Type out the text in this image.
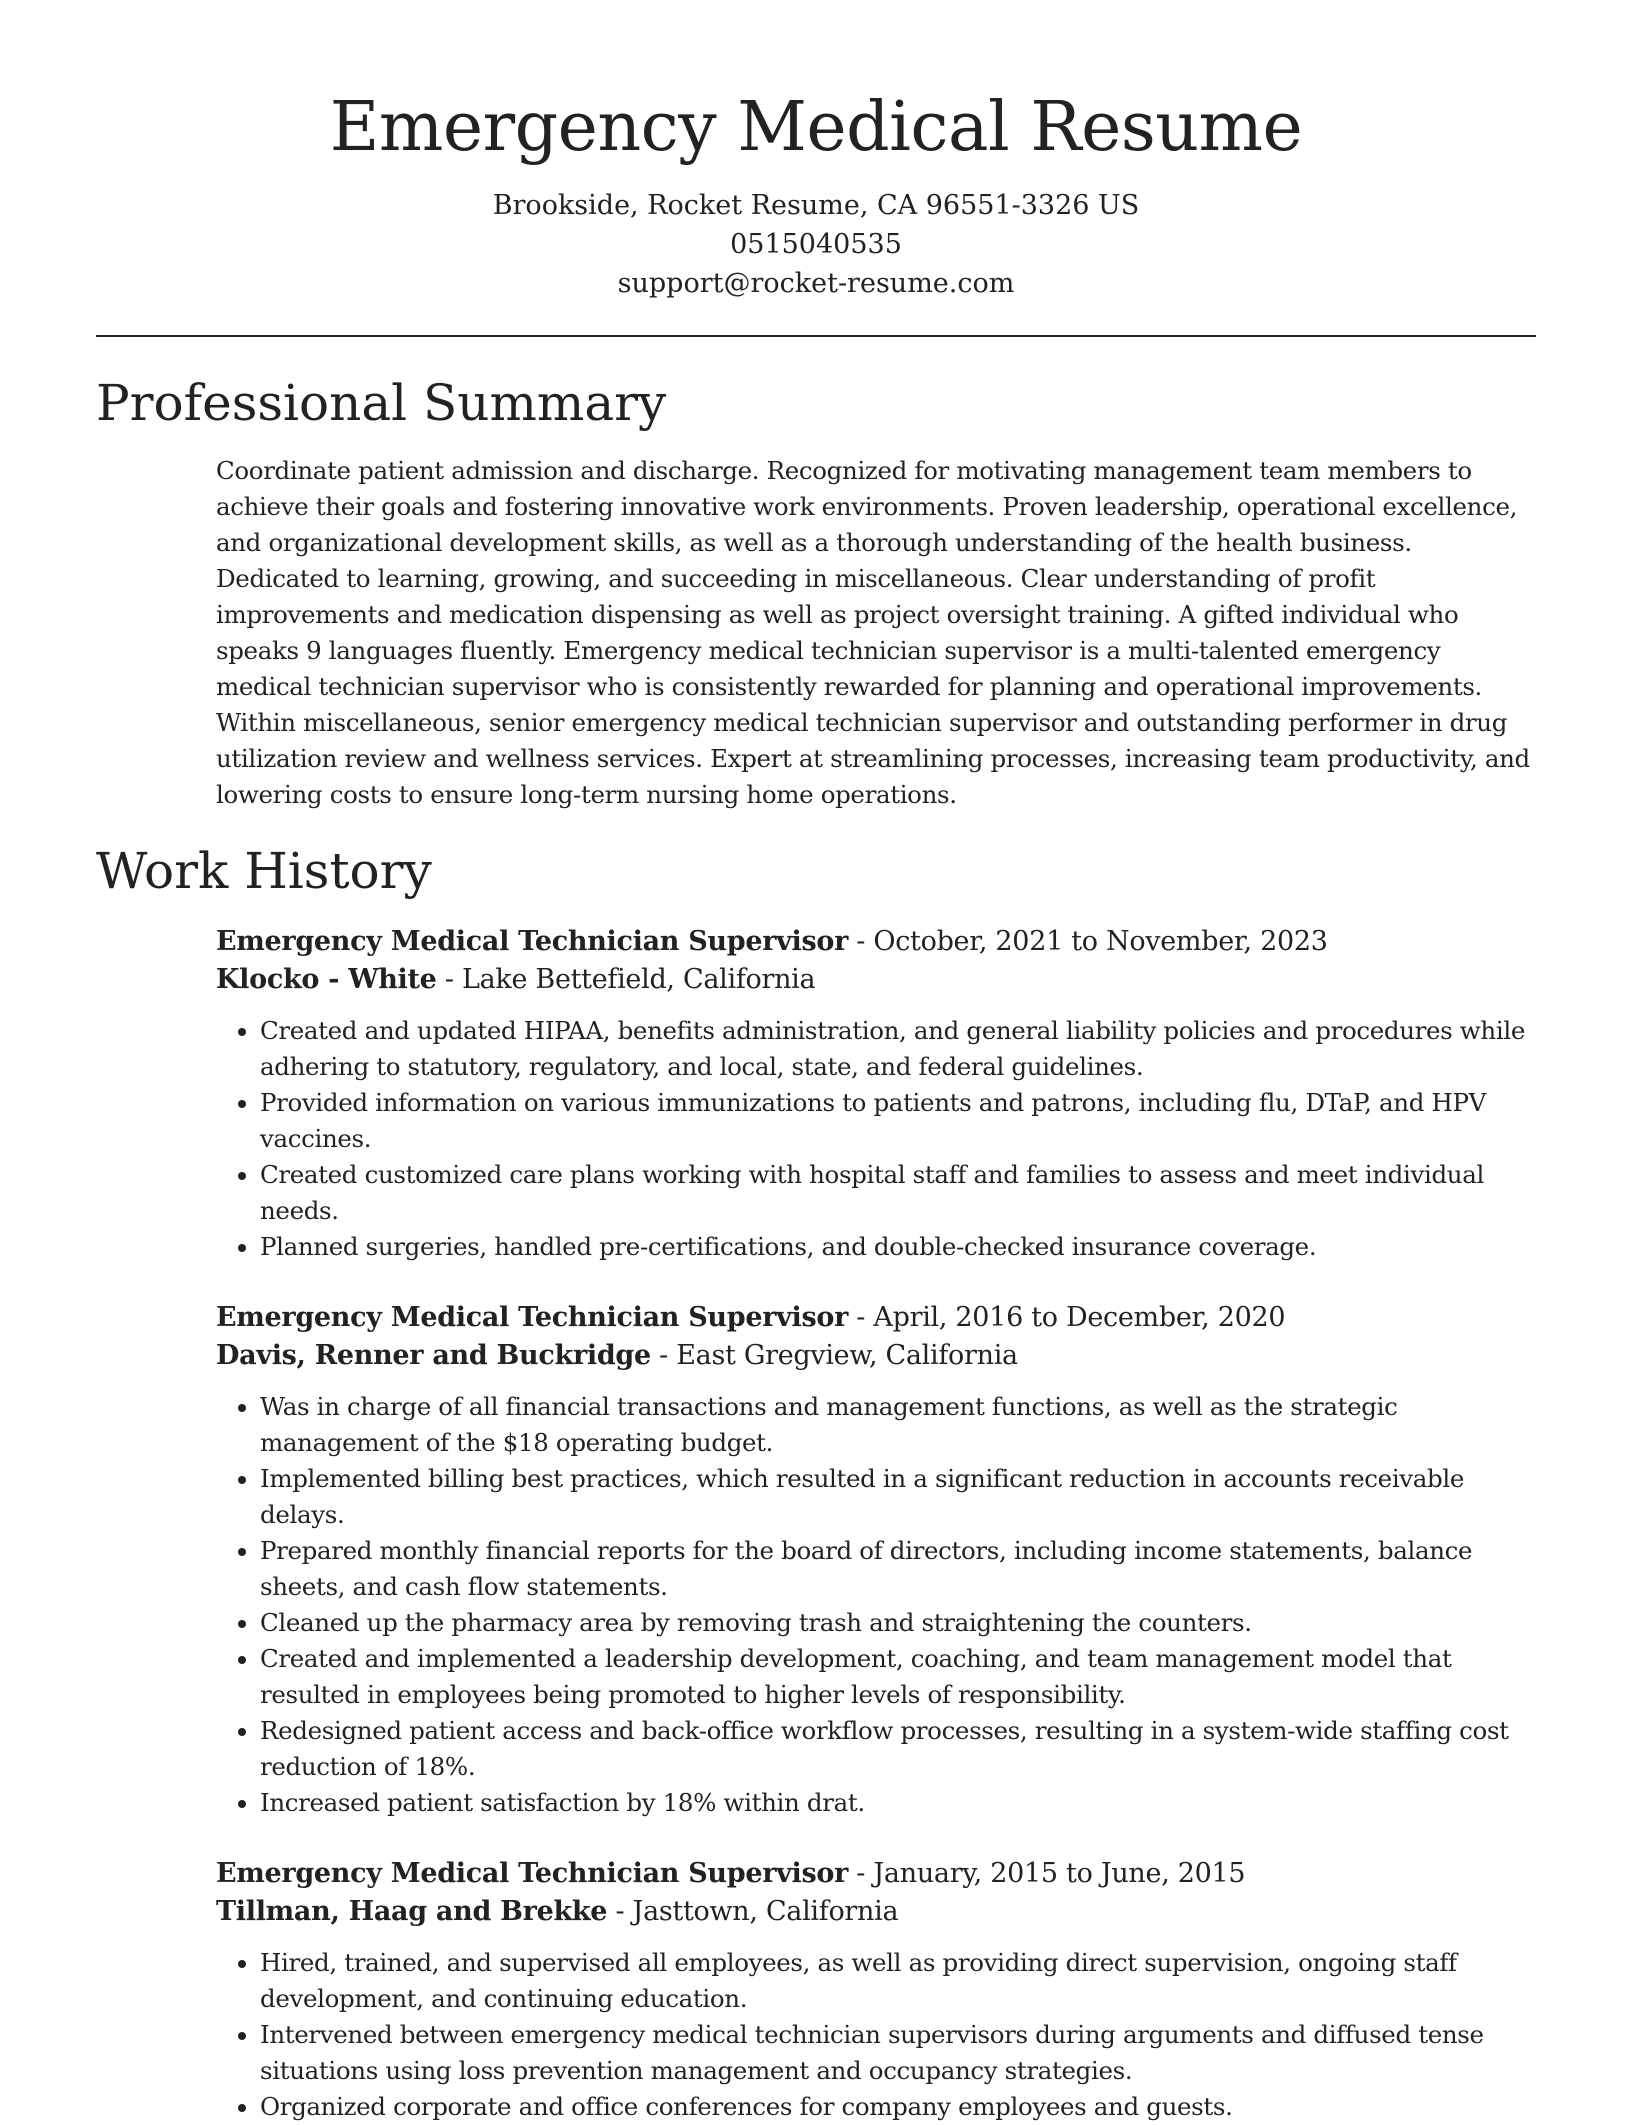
Emergency Medical Resume
Brookside, Rocket Resume, CA 96551-3326 US
0515040535
support@rocket-resume.com
Professional Summary
Coordinate patient admission and discharge. Recognized for motivating management team members to achieve their goals and fostering innovative work environments. Proven leadership, operational excellence, and organizational development skills, as well as a thorough understanding of the health business. Dedicated to learning, growing, and succeeding in miscellaneous. Clear understanding of profit improvements and medication dispensing as well as project oversight training. A gifted individual who speaks 9 languages fluently. Emergency medical technician supervisor is a multi-talented emergency medical technician supervisor who is consistently rewarded for planning and operational improvements. Within miscellaneous, senior emergency medical technician supervisor and outstanding performer in drug utilization review and wellness services. Expert at streamlining processes, increasing team productivity, and lowering costs to ensure long-term nursing home operations.
Work History
Emergency Medical Technician Supervisor - October, 2021 to November, 2023
Klocko - White - Lake Bettefield, California
• Created and updated HIPAA, benefits administration, and general liability policies and procedures while adhering to statutory, regulatory, and local, state, and federal guidelines.
• Provided information on various immunizations to patients and patrons, including flu, DTaP, and HPV vaccines.
• Created customized care plans working with hospital staff and families to assess and meet individual needs.
• Planned surgeries, handled pre-certifications, and double-checked insurance coverage.
Emergency Medical Technician Supervisor - April, 2016 to December, 2020
Davis, Renner and Buckridge - East Gregview, California
• Was in charge of all financial transactions and management functions, as well as the strategic management of the $18 operating budget.
• Implemented billing best practices, which resulted in a significant reduction in accounts receivable delays.
• Prepared monthly financial reports for the board of directors, including income statements, balance sheets, and cash flow statements.
• Cleaned up the pharmacy area by removing trash and straightening the counters.
• Created and implemented a leadership development, coaching, and team management model that resulted in employees being promoted to higher levels of responsibility.
• Redesigned patient access and back-office workflow processes, resulting in a system-wide staffing cost reduction of 18%.
• Increased patient satisfaction by 18% within drat.
Emergency Medical Technician Supervisor - January, 2015 to June, 2015
Tillman, Haag and Brekke - Jasttown, California
• Hired, trained, and supervised all employees, as well as providing direct supervision, ongoing staff development, and continuing education.
• Intervened between emergency medical technician supervisors during arguments and diffused tense situations using loss prevention management and occupancy strategies.
• Organized corporate and office conferences for company employees and guests.
